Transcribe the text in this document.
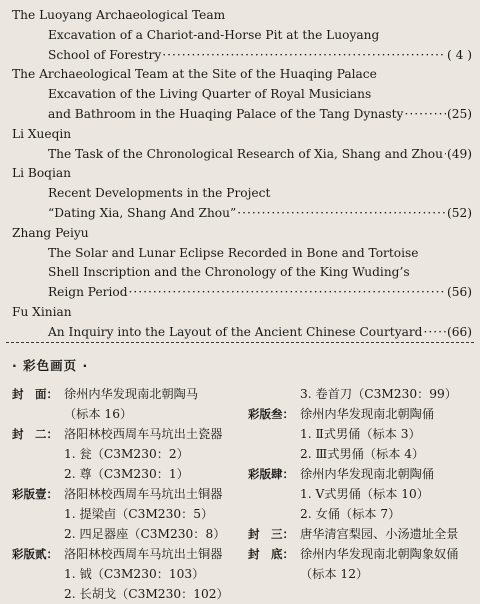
The Luoyang Archaeological Team
Excavation of a Chariot-and-Horse Pit at the Luoyang
School of Forestry ·····	( 4 )
The Archaeological Team at the Site of the Huaqing Palace
Excavation of the Living Quarter of Royal Musicians
and Bathroom in the Huaqing Palace of the Tang Dynasty ·····	(25)
Li Xueqin
The Task of the Chronological Research of Xia, Shang and Zhou ····· (49)
Li Boqian
Recent Developments in the Project
“Dating Xia, Shang And Zhou” ·····	(52)
Zhang Peiyu
The Solar and Lunar Eclipse Recorded in Bone and Tortoise
Shell Inscription and the Chronology of the King Wuding’s
Reign Period ·····	(56)
Fu Xinian
An Inquiry into the Layout of the Ancient Chinese Courtyard ····· (66)
· 彩色画页 ·
封　面： 徐州内华发现南北朝陶马
（标本 16）
封　二： 洛阳林校西周车马坑出土瓷器
1. 瓮（C3M230：2）
2. 尊（C3M230：1）
彩版壹： 洛阳林校西周车马坑出土铜器
1. 提梁卣（C3M230：5）
2. 四足器座（C3M230：8）
彩版贰： 洛阳林校西周车马坑出土铜器
1. 钺（C3M230：103）
2. 长胡戈（C3M230：102）
3. 卷首刀（C3M230：99）
彩版叁： 徐州内华发现南北朝陶俑
1. Ⅱ式男俑（标本 3）
2. Ⅲ式男俑（标本 4）
彩版肆： 徐州内华发现南北朝陶俑
1. Ⅴ式男俑（标本 10）
2. 女俑（标本 7）
封　三： 唐华清宫梨园、小汤遗址全景
封　底： 徐州内华发现南北朝陶象奴俑
（标本 12）
